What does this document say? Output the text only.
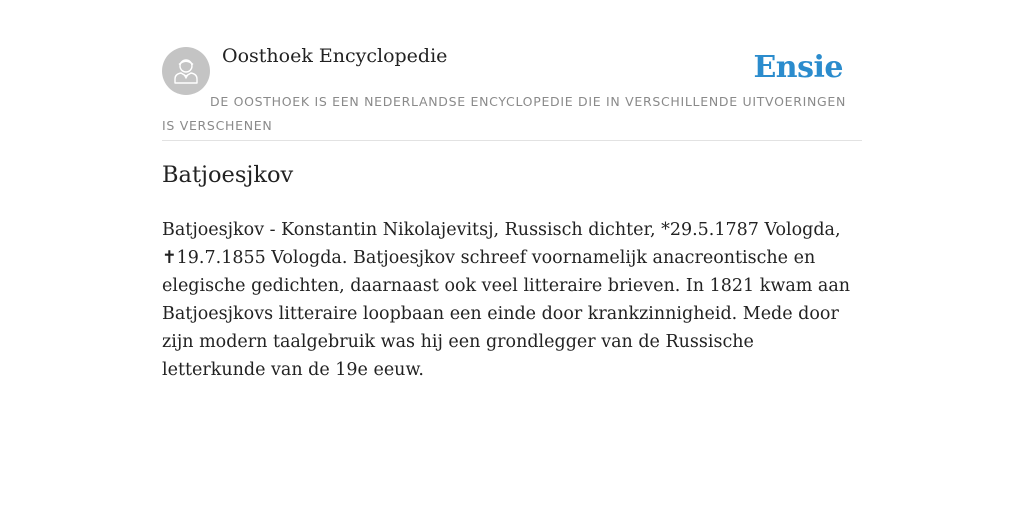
Oosthoek Encyclopedie	Ensie
DE OOSTHOEK IS EEN NEDERLANDSE ENCYCLOPEDIE DIE IN VERSCHILLENDE UITVOERINGEN IS VERSCHENEN
Batjoesjkov

Batjoesjkov - Konstantin Nikolajevitsj, Russisch dichter, *29.5.1787 Vologda, ✝19.7.1855 Vologda. Batjoesjkov schreef voornamelijk anacreontische en elegische gedichten, daarnaast ook veel litteraire brieven. In 1821 kwam aan Batjoesjkovs litteraire loopbaan een einde door krankzinnigheid. Mede door zijn modern taalgebruik was hij een grondlegger van de Russische letterkunde van de 19e eeuw.
